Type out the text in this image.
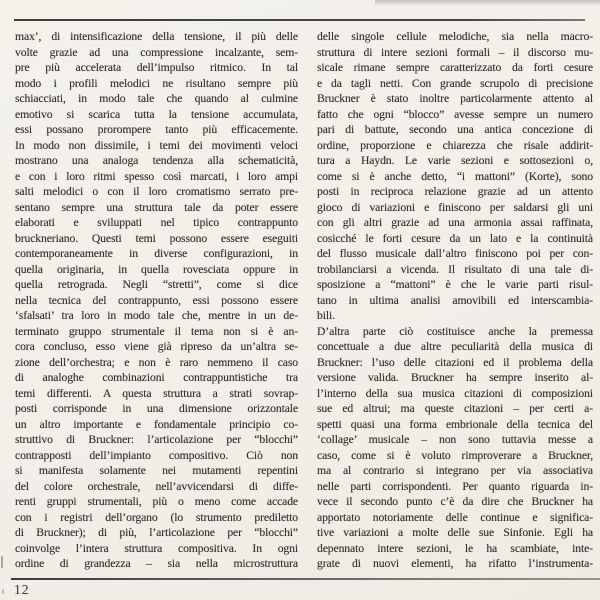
max’, di intensificazione della tensione, il più delle
volte grazie ad una compressione incalzante, sem-
pre più accelerata dell’impulso ritmico. In tal
modo i profili melodici ne risultano sempre più
schiacciati, in modo tale che quando al culmine
emotivo si scarica tutta la tensione accumulata,
essi possano prorompere tanto più efficacemente.
In modo non dissimile, i temi dei movimenti veloci
mostrano una analoga tendenza alla schematicità,
e con i loro ritmi spesso così marcati, i loro ampi
salti melodici o con il loro cromatismo serrato pre-
sentano sempre una struttura tale da poter essere
elaborati e sviluppati nel tipico contrappunto
bruckneriano. Questi temi possono essere eseguiti
contemporaneamente in diverse configurazioni, in
quella originaria, in quella rovesciata oppure in
quella retrograda. Negli “stretti”, come si dice
nella tecnica del contrappunto, essi possono essere
‘sfalsati’ tra loro in modo tale che, mentre in un de-
terminato gruppo strumentale il tema non si è an-
cora concluso, esso viene già ripreso da un’altra se-
zione dell’orchestra; e non è raro nemmeno il caso
di analoghe combinazioni contrappuntistiche tra
temi differenti. A questa struttura a strati sovrap-
posti corrisponde in una dimensione orizzontale
un altro importante e fondamentale principio co-
struttivo di Bruckner: l’articolazione per “blocchi”
contrapposti dell’impianto compositivo. Ciò non
si manifesta solamente nei mutamenti repentini
del colore orchestrale, nell’avvicendarsi di diffe-
renti gruppi strumentali, più o meno come accade
con i registri dell’organo (lo strumento prediletto
di Bruckner); di più, l’articolazione per “blocchi”
coinvolge l’intera struttura compositiva. In ogni
ordine di grandezza – sia nella microstruttura
delle singole cellule melodiche, sia nella macro-
struttura di intere sezioni formali – il discorso mu-
sicale rimane sempre caratterizzato da forti cesure
e da tagli netti. Con grande scrupolo di precisione
Bruckner è stato inoltre particolarmente attento al
fatto che ogni “blocco” avesse sempre un numero
pari di battute, secondo una antica concezione di
ordine, proporzione e chiarezza che risale addirit-
tura a Haydn. Le varie sezioni e sottosezioni o,
come si è anche detto, “i mattoni” (Korte), sono
posti in reciproca relazione grazie ad un attento
gioco di variazioni e finiscono per saldarsi gli uni
con gli altri grazie ad una armonia assai raffinata,
cosicché le forti cesure da un lato e la continuità
del flusso musicale dall’altro finiscono poi per con-
trobilanciarsi a vicenda. Il risultato di una tale di-
sposizione a “mattoni” è che le varie parti risul-
tano in ultima analisi amovibili ed interscambia-
bili.
D’altra parte ciò costituisce anche la premessa
concettuale a due altre peculiarità della musica di
Bruckner: l’uso delle citazioni ed il problema della
versione valida. Bruckner ha sempre inserito al-
l’interno della sua musica citazioni di composizioni
sue ed altrui; ma queste citazioni – per certi a-
spetti quasi una forma embrionale della tecnica del
‘collage’ musicale – non sono tuttavia messe a
caso, come si è voluto rimproverare a Bruckner,
ma al contrario si integrano per via associativa
nelle parti corrispondenti. Per quanto riguarda in-
vece il secondo punto c’è da dire che Bruckner ha
apportato notoriamente delle continue e significa-
tive variazioni a molte delle sue Sinfonie. Egli ha
depennato intere sezioni, le ha scambiate, inte-
grate di nuovi elementi, ha rifatto l’instrumenta-
12
